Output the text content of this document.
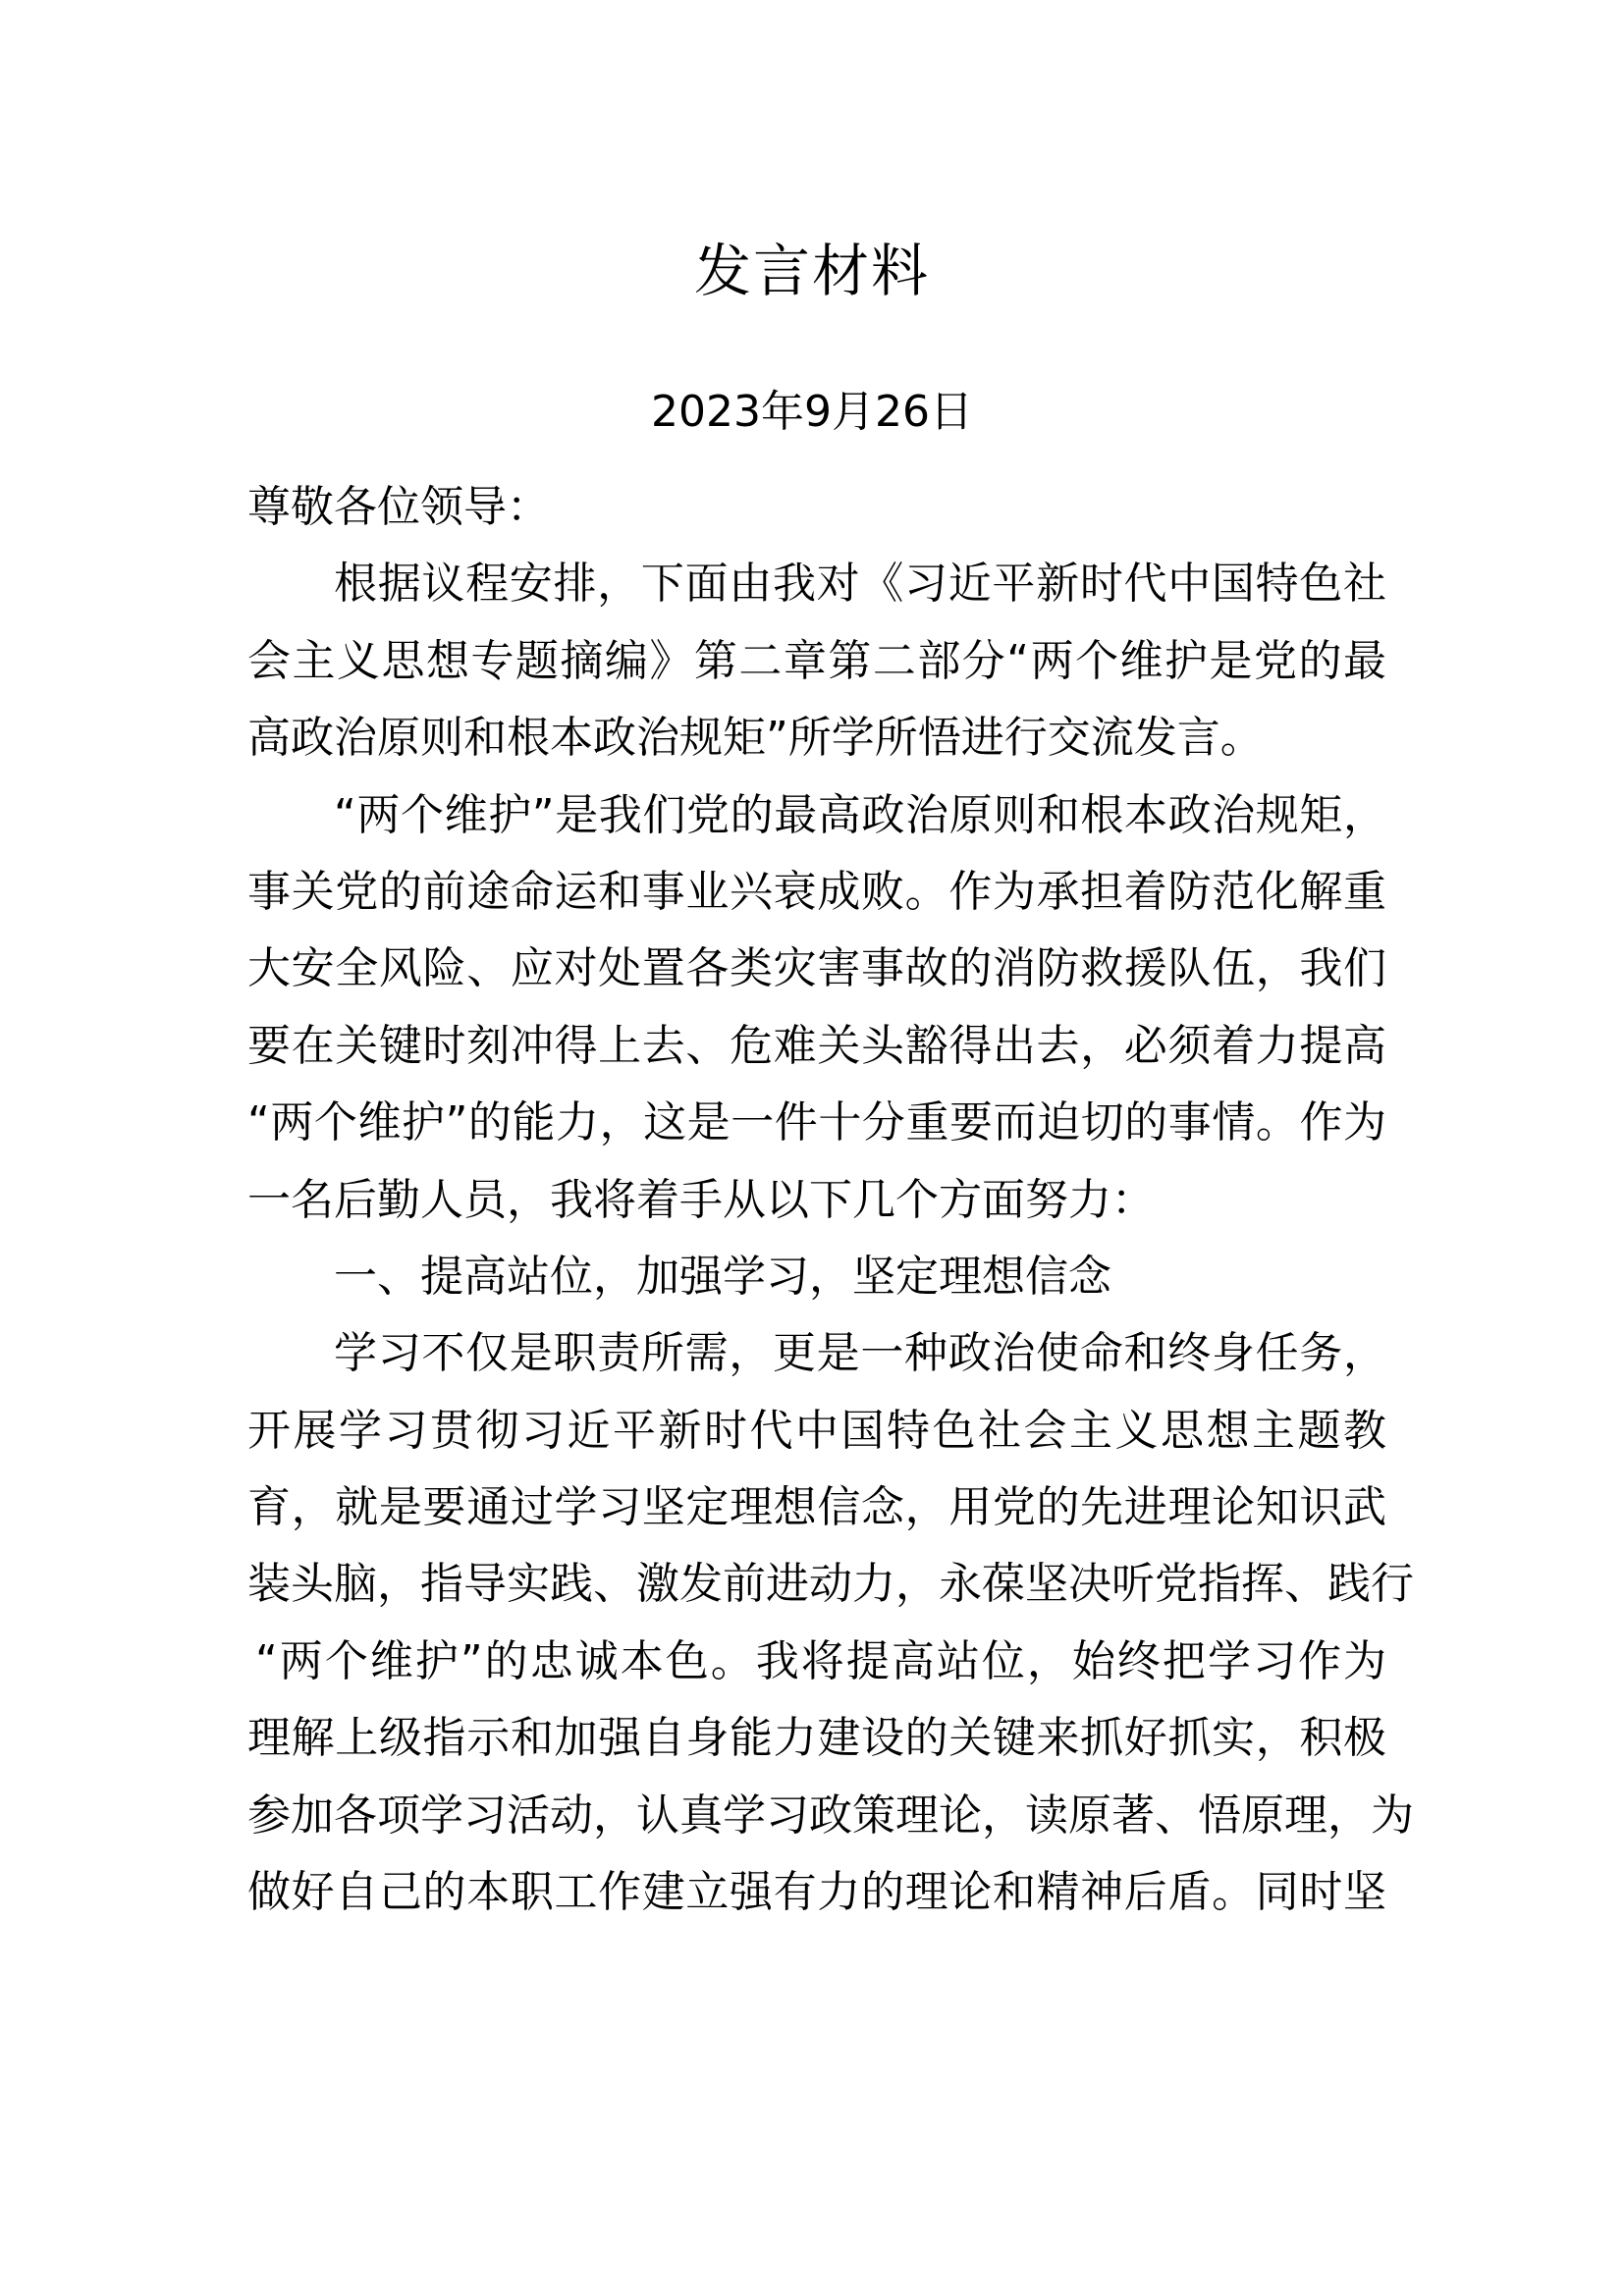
发言材料
2023年9月26日
尊敬各位领导：
根据议程安排，下面由我对《习近平新时代中国特色社
会主义思想专题摘编》第二章第二部分“两个维护是党的最
高政治原则和根本政治规矩”所学所悟进行交流发言。
“两个维护”是我们党的最高政治原则和根本政治规矩，
事关党的前途命运和事业兴衰成败。作为承担着防范化解重
大安全风险、应对处置各类灾害事故的消防救援队伍，我们
要在关键时刻冲得上去、危难关头豁得出去，必须着力提高
“两个维护”的能力，这是一件十分重要而迫切的事情。作为
一名后勤人员，我将着手从以下几个方面努力：
一、提高站位，加强学习，坚定理想信念
学习不仅是职责所需，更是一种政治使命和终身任务，
开展学习贯彻习近平新时代中国特色社会主义思想主题教
育，就是要通过学习坚定理想信念，用党的先进理论知识武
装头脑，指导实践、激发前进动力，永葆坚决听党指挥、践行
“两个维护”的忠诚本色。我将提高站位，始终把学习作为
理解上级指示和加强自身能力建设的关键来抓好抓实，积极
参加各项学习活动，认真学习政策理论，读原著、悟原理，为
做好自己的本职工作建立强有力的理论和精神后盾。同时坚
